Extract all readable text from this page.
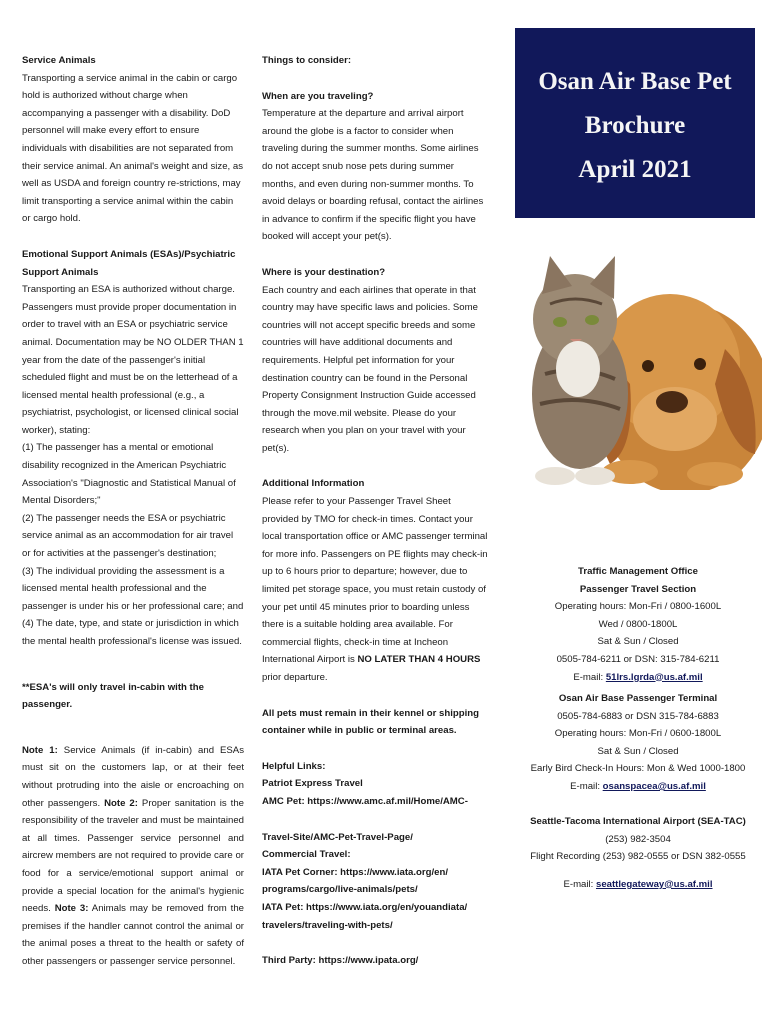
Service Animals

Transporting a service animal in the cabin or cargo hold is authorized without charge when accompanying a passenger with a disability. DoD personnel will make every effort to ensure individuals with disabilities are not separated from their service animal. An animal's weight and size, as well as USDA and foreign country re-strictions, may limit transporting a service animal within the cabin or cargo hold.

Emotional Support Animals (ESAs)/Psychiatric Support Animals

Transporting an ESA is authorized without charge. Passengers must provide proper documentation in order to travel with an ESA or psychiatric service animal. Documentation may be NO OLDER THAN 1 year from the date of the passenger's initial scheduled flight and must be on the letterhead of a licensed mental health professional (e.g., a psychiatrist, psychologist, or licensed clinical social worker), stating:

(1) The passenger has a mental or emotional disability recognized in the American Psychiatric Association's "Diagnostic and Statistical Manual of Mental Disorders;"

(2) The passenger needs the ESA or psychiatric service animal as an accommodation for air travel or for activities at the passenger's destination;

(3) The individual providing the assessment is a licensed mental health professional and the passenger is under his or her professional care; and

(4) The date, type, and state or jurisdiction in which the mental health professional's license was issued.

**ESA's will only travel in-cabin with the passenger.

Note 1: Service Animals (if in-cabin) and ESAs must sit on the customers lap, or at their feet without protruding into the aisle or encroaching on other passengers. Note 2: Proper sanitation is the responsibility of the traveler and must be maintained at all times. Passenger service personnel and aircrew members are not required to provide care or food for a service/emotional support animal or provide a special location for the animal's hygienic needs. Note 3: Animals may be removed from the premises if the handler cannot control the animal or the animal poses a threat to the health or safety of other passengers or passenger service personnel.

Things to consider:

When are you traveling?

Temperature at the departure and arrival airport around the globe is a factor to consider when traveling during the summer months. Some airlines do not accept snub nose pets during summer months, and even during non-summer months. To avoid delays or boarding refusal, contact the airlines in advance to confirm if the specific flight you have booked will accept your pet(s).

Where is your destination?

Each country and each airlines that operate in that country may have specific laws and policies. Some countries will not accept specific breeds and some countries will have additional documents and requirements. Helpful pet information for your destination country can be found in the Personal Property Consignment Instruction Guide accessed through the move.mil website. Please do your research when you plan on your travel with your pet(s).

Additional Information

Please refer to your Passenger Travel Sheet provided by TMO for check-in times. Contact your local transportation office or AMC passenger terminal for more info. Passengers on PE flights may check-in up to 6 hours prior to departure; however, due to limited pet storage space, you must retain custody of your pet until 45 minutes prior to boarding unless there is a suitable holding area available. For commercial flights, check-in time at Incheon International Airport is NO LATER THAN 4 HOURS prior departure.

All pets must remain in their kennel or shipping container while in public or terminal areas.

Helpful Links:

Patriot Express Travel

AMC Pet: https://www.amc.af.mil/Home/AMC-

Travel-Site/AMC-Pet-Travel-Page/

Commercial Travel:

IATA Pet Corner: https://www.iata.org/en/ programs/cargo/live-animals/pets/

IATA Pet: https://www.iata.org/en/youandiata/ travelers/traveling-with-pets/

Third Party: https://www.ipata.org/

Osan Air Base Pet
Brochure
April 2021

Traffic Management Office

Passenger Travel Section

Operating hours: Mon-Fri / 0800-1600L

Wed / 0800-1800L

Sat & Sun / Closed

0505-784-6211 or DSN: 315-784-6211

E-mail: 51lrs.lgrda@us.af.mil

Osan Air Base Passenger Terminal

0505-784-6883 or DSN 315-784-6883

Operating hours: Mon-Fri / 0600-1800L

Sat & Sun / Closed

Early Bird Check-In Hours: Mon & Wed 1000-1800

E-mail: osanspacea@us.af.mil

Seattle-Tacoma International Airport (SEA-TAC)

(253) 982-3504

Flight Recording (253) 982-0555 or DSN 382-0555

E-mail: seattlegateway@us.af.mil
